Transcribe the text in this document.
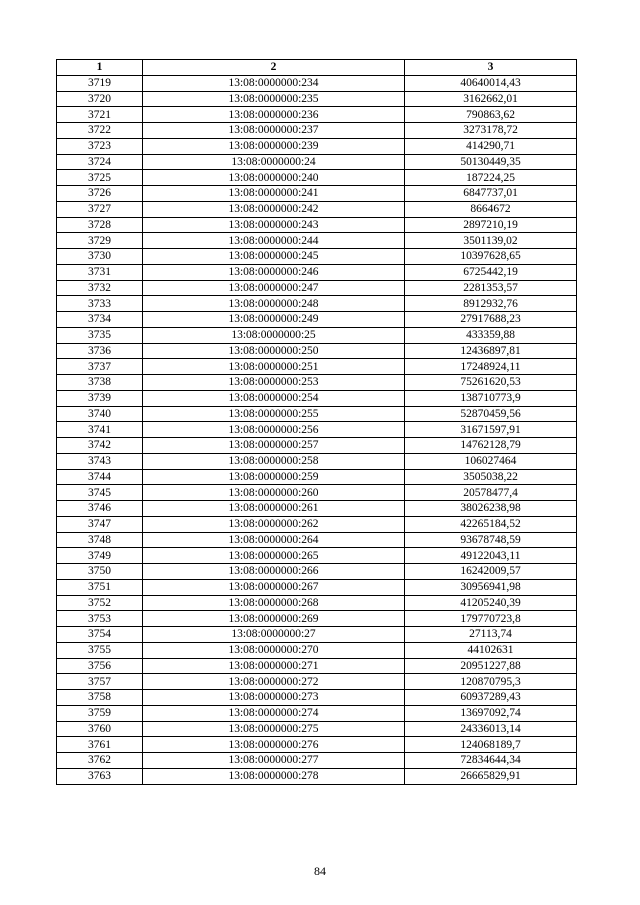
1	2	3
3719	13:08:0000000:234	40640014,43
3720	13:08:0000000:235	3162662,01
3721	13:08:0000000:236	790863,62
3722	13:08:0000000:237	3273178,72
3723	13:08:0000000:239	414290,71
3724	13:08:0000000:24	50130449,35
3725	13:08:0000000:240	187224,25
3726	13:08:0000000:241	6847737,01
3727	13:08:0000000:242	8664672
3728	13:08:0000000:243	2897210,19
3729	13:08:0000000:244	3501139,02
3730	13:08:0000000:245	10397628,65
3731	13:08:0000000:246	6725442,19
3732	13:08:0000000:247	2281353,57
3733	13:08:0000000:248	8912932,76
3734	13:08:0000000:249	27917688,23
3735	13:08:0000000:25	433359,88
3736	13:08:0000000:250	12436897,81
3737	13:08:0000000:251	17248924,11
3738	13:08:0000000:253	75261620,53
3739	13:08:0000000:254	138710773,9
3740	13:08:0000000:255	52870459,56
3741	13:08:0000000:256	31671597,91
3742	13:08:0000000:257	14762128,79
3743	13:08:0000000:258	106027464
3744	13:08:0000000:259	3505038,22
3745	13:08:0000000:260	20578477,4
3746	13:08:0000000:261	38026238,98
3747	13:08:0000000:262	42265184,52
3748	13:08:0000000:264	93678748,59
3749	13:08:0000000:265	49122043,11
3750	13:08:0000000:266	16242009,57
3751	13:08:0000000:267	30956941,98
3752	13:08:0000000:268	41205240,39
3753	13:08:0000000:269	179770723,8
3754	13:08:0000000:27	27113,74
3755	13:08:0000000:270	44102631
3756	13:08:0000000:271	20951227,88
3757	13:08:0000000:272	120870795,3
3758	13:08:0000000:273	60937289,43
3759	13:08:0000000:274	13697092,74
3760	13:08:0000000:275	24336013,14
3761	13:08:0000000:276	124068189,7
3762	13:08:0000000:277	72834644,34
3763	13:08:0000000:278	26665829,91
84
